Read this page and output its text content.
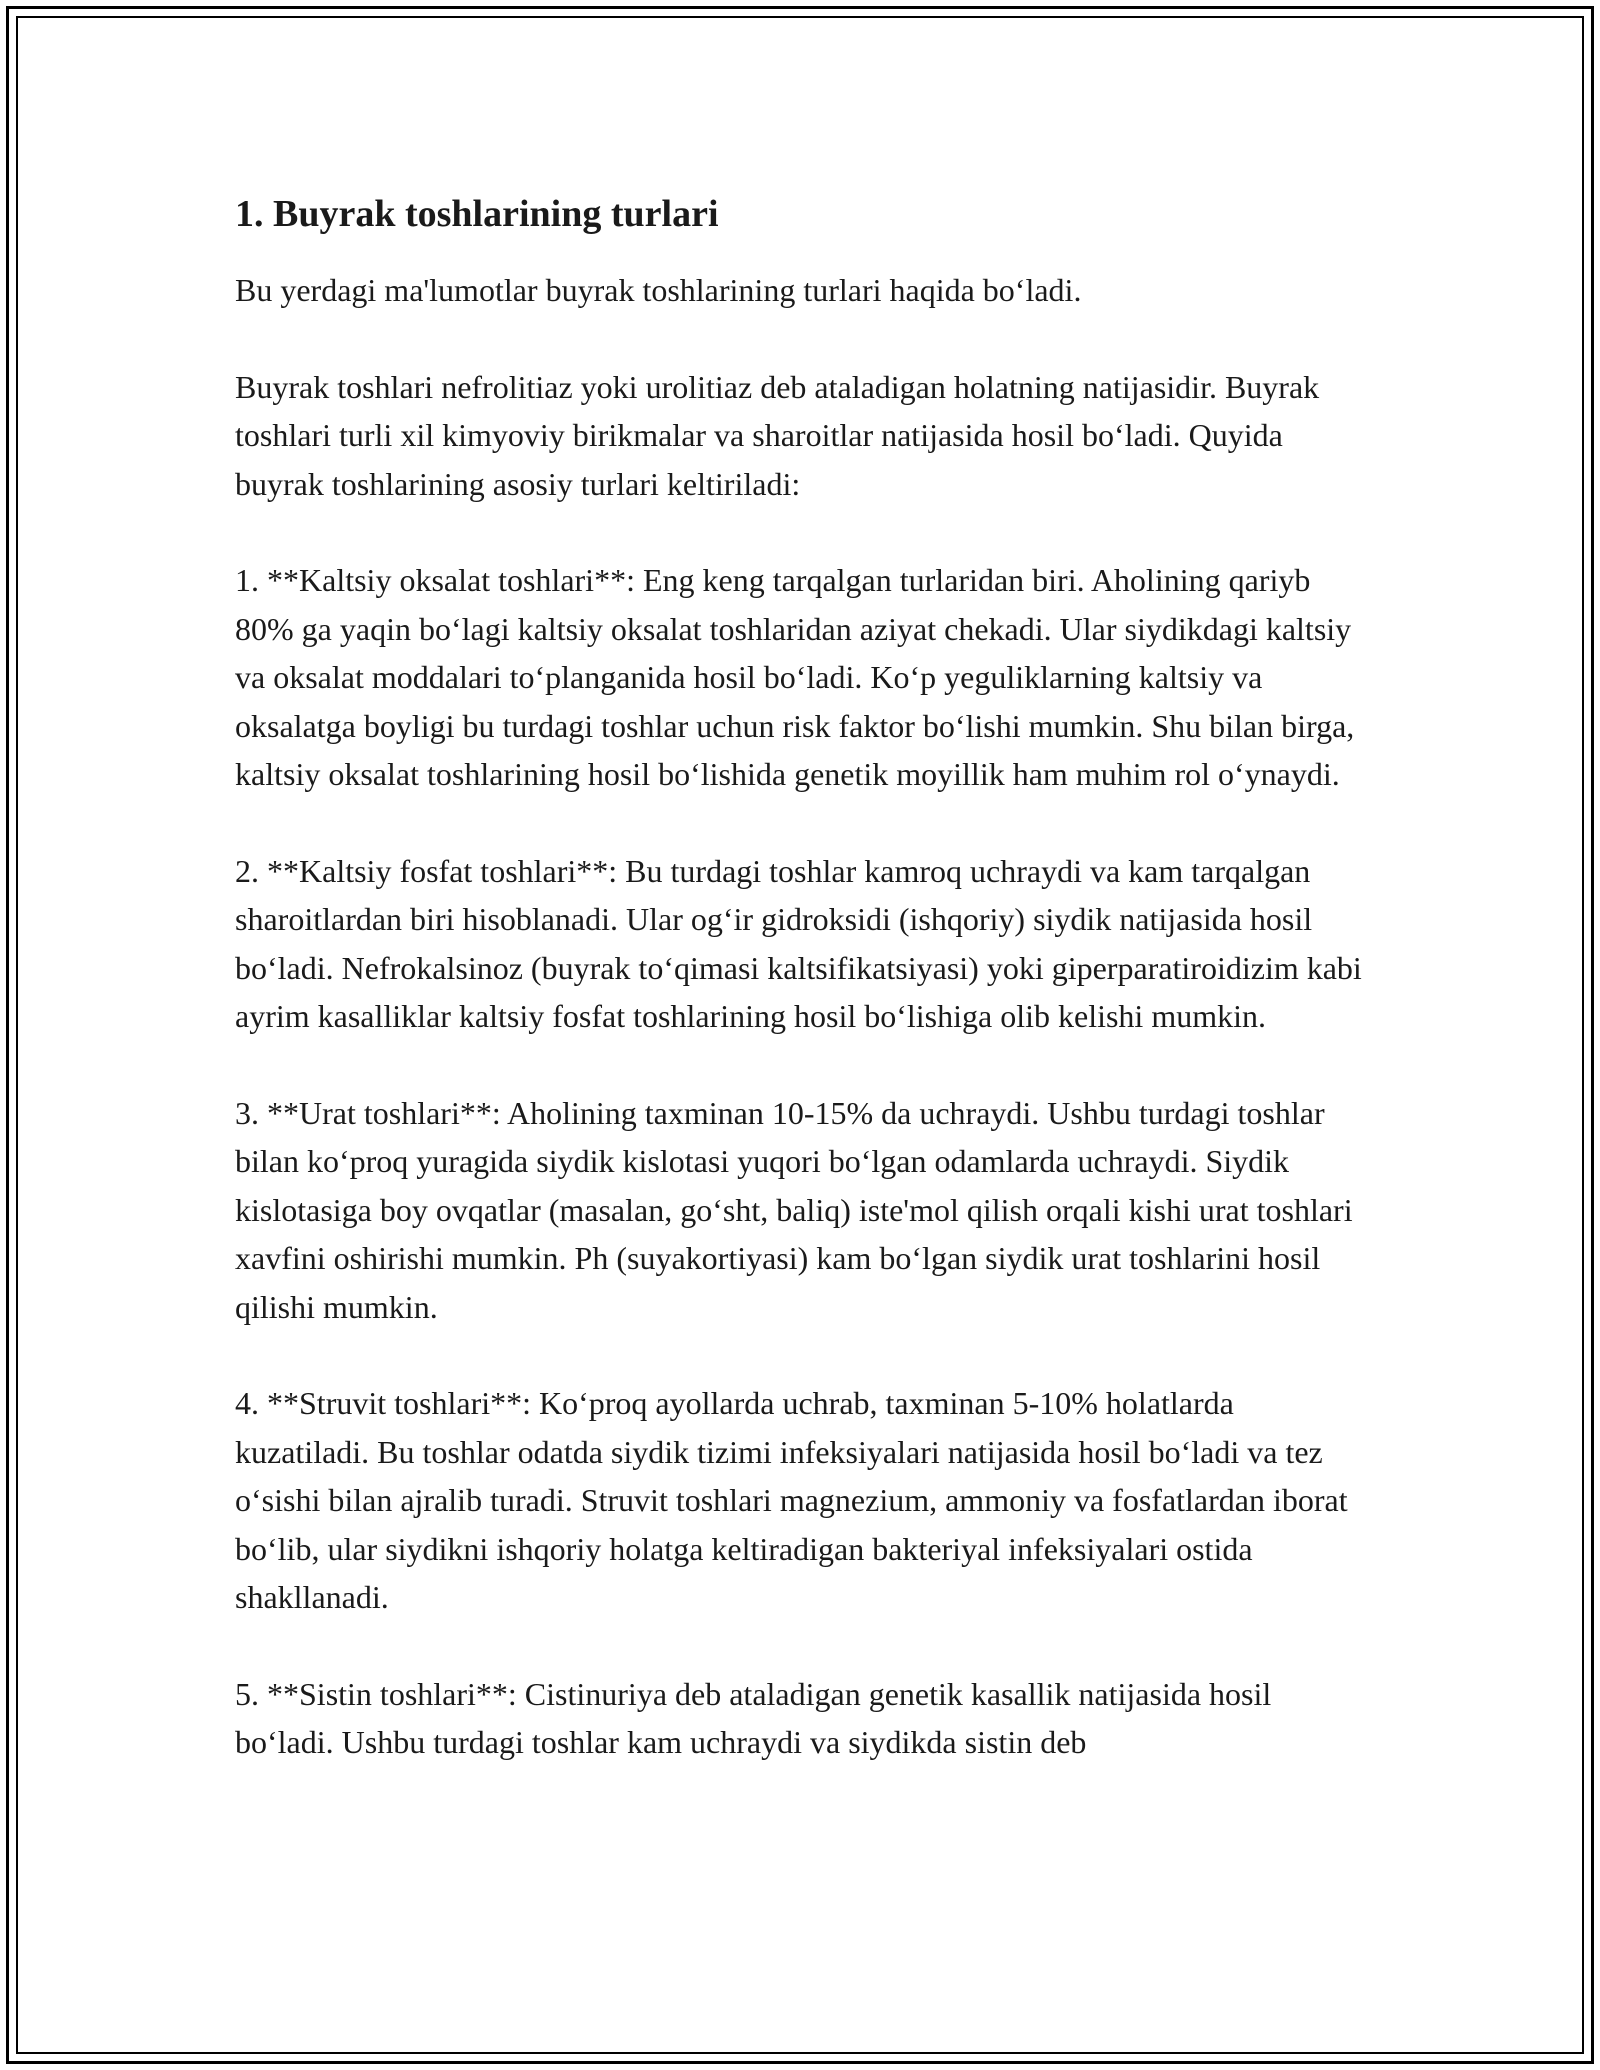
1. Buyrak toshlarining turlari

Bu yerdagi ma'lumotlar buyrak toshlarining turlari haqida boʻladi.

Buyrak toshlari nefrolitiaz yoki urolitiaz deb ataladigan holatning natijasidir. Buyrak toshlari turli xil kimyoviy birikmalar va sharoitlar natijasida hosil boʻladi. Quyida buyrak toshlarining asosiy turlari keltiriladi:

1. **Kaltsiy oksalat toshlari**: Eng keng tarqalgan turlaridan biri. Aholining qariyb 80% ga yaqin boʻlagi kaltsiy oksalat toshlaridan aziyat chekadi. Ular siydikdagi kaltsiy va oksalat moddalari toʻplanganida hosil boʻladi. Koʻp yeguliklarning kaltsiy va oksalatga boyligi bu turdagi toshlar uchun risk faktor boʻlishi mumkin. Shu bilan birga, kaltsiy oksalat toshlarining hosil boʻlishida genetik moyillik ham muhim rol oʻynaydi.

2. **Kaltsiy fosfat toshlari**: Bu turdagi toshlar kamroq uchraydi va kam tarqalgan sharoitlardan biri hisoblanadi. Ular ogʻir gidroksidi (ishqoriy) siydik natijasida hosil boʻladi. Nefrokalsinoz (buyrak toʻqimasi kaltsifikatsiyasi) yoki giperparatiroidizim kabi ayrim kasalliklar kaltsiy fosfat toshlarining hosil boʻlishiga olib kelishi mumkin.

3. **Urat toshlari**: Aholining taxminan 10-15% da uchraydi. Ushbu turdagi toshlar bilan koʻproq yuragida siydik kislotasi yuqori boʻlgan odamlarda uchraydi. Siydik kislotasiga boy ovqatlar (masalan, goʻsht, baliq) iste'mol qilish orqali kishi urat toshlari xavfini oshirishi mumkin. Ph (suyakortiyasi) kam boʻlgan siydik urat toshlarini hosil qilishi mumkin.

4. **Struvit toshlari**: Koʻproq ayollarda uchrab, taxminan 5-10% holatlarda kuzatiladi. Bu toshlar odatda siydik tizimi infeksiyalari natijasida hosil boʻladi va tez oʻsishi bilan ajralib turadi. Struvit toshlari magnezium, ammoniy va fosfatlardan iborat boʻlib, ular siydikni ishqoriy holatga keltiradigan bakteriyal infeksiyalari ostida shakllanadi.

5. **Sistin toshlari**: Cistinuriya deb ataladigan genetik kasallik natijasida hosil boʻladi. Ushbu turdagi toshlar kam uchraydi va siydikda sistin deb
